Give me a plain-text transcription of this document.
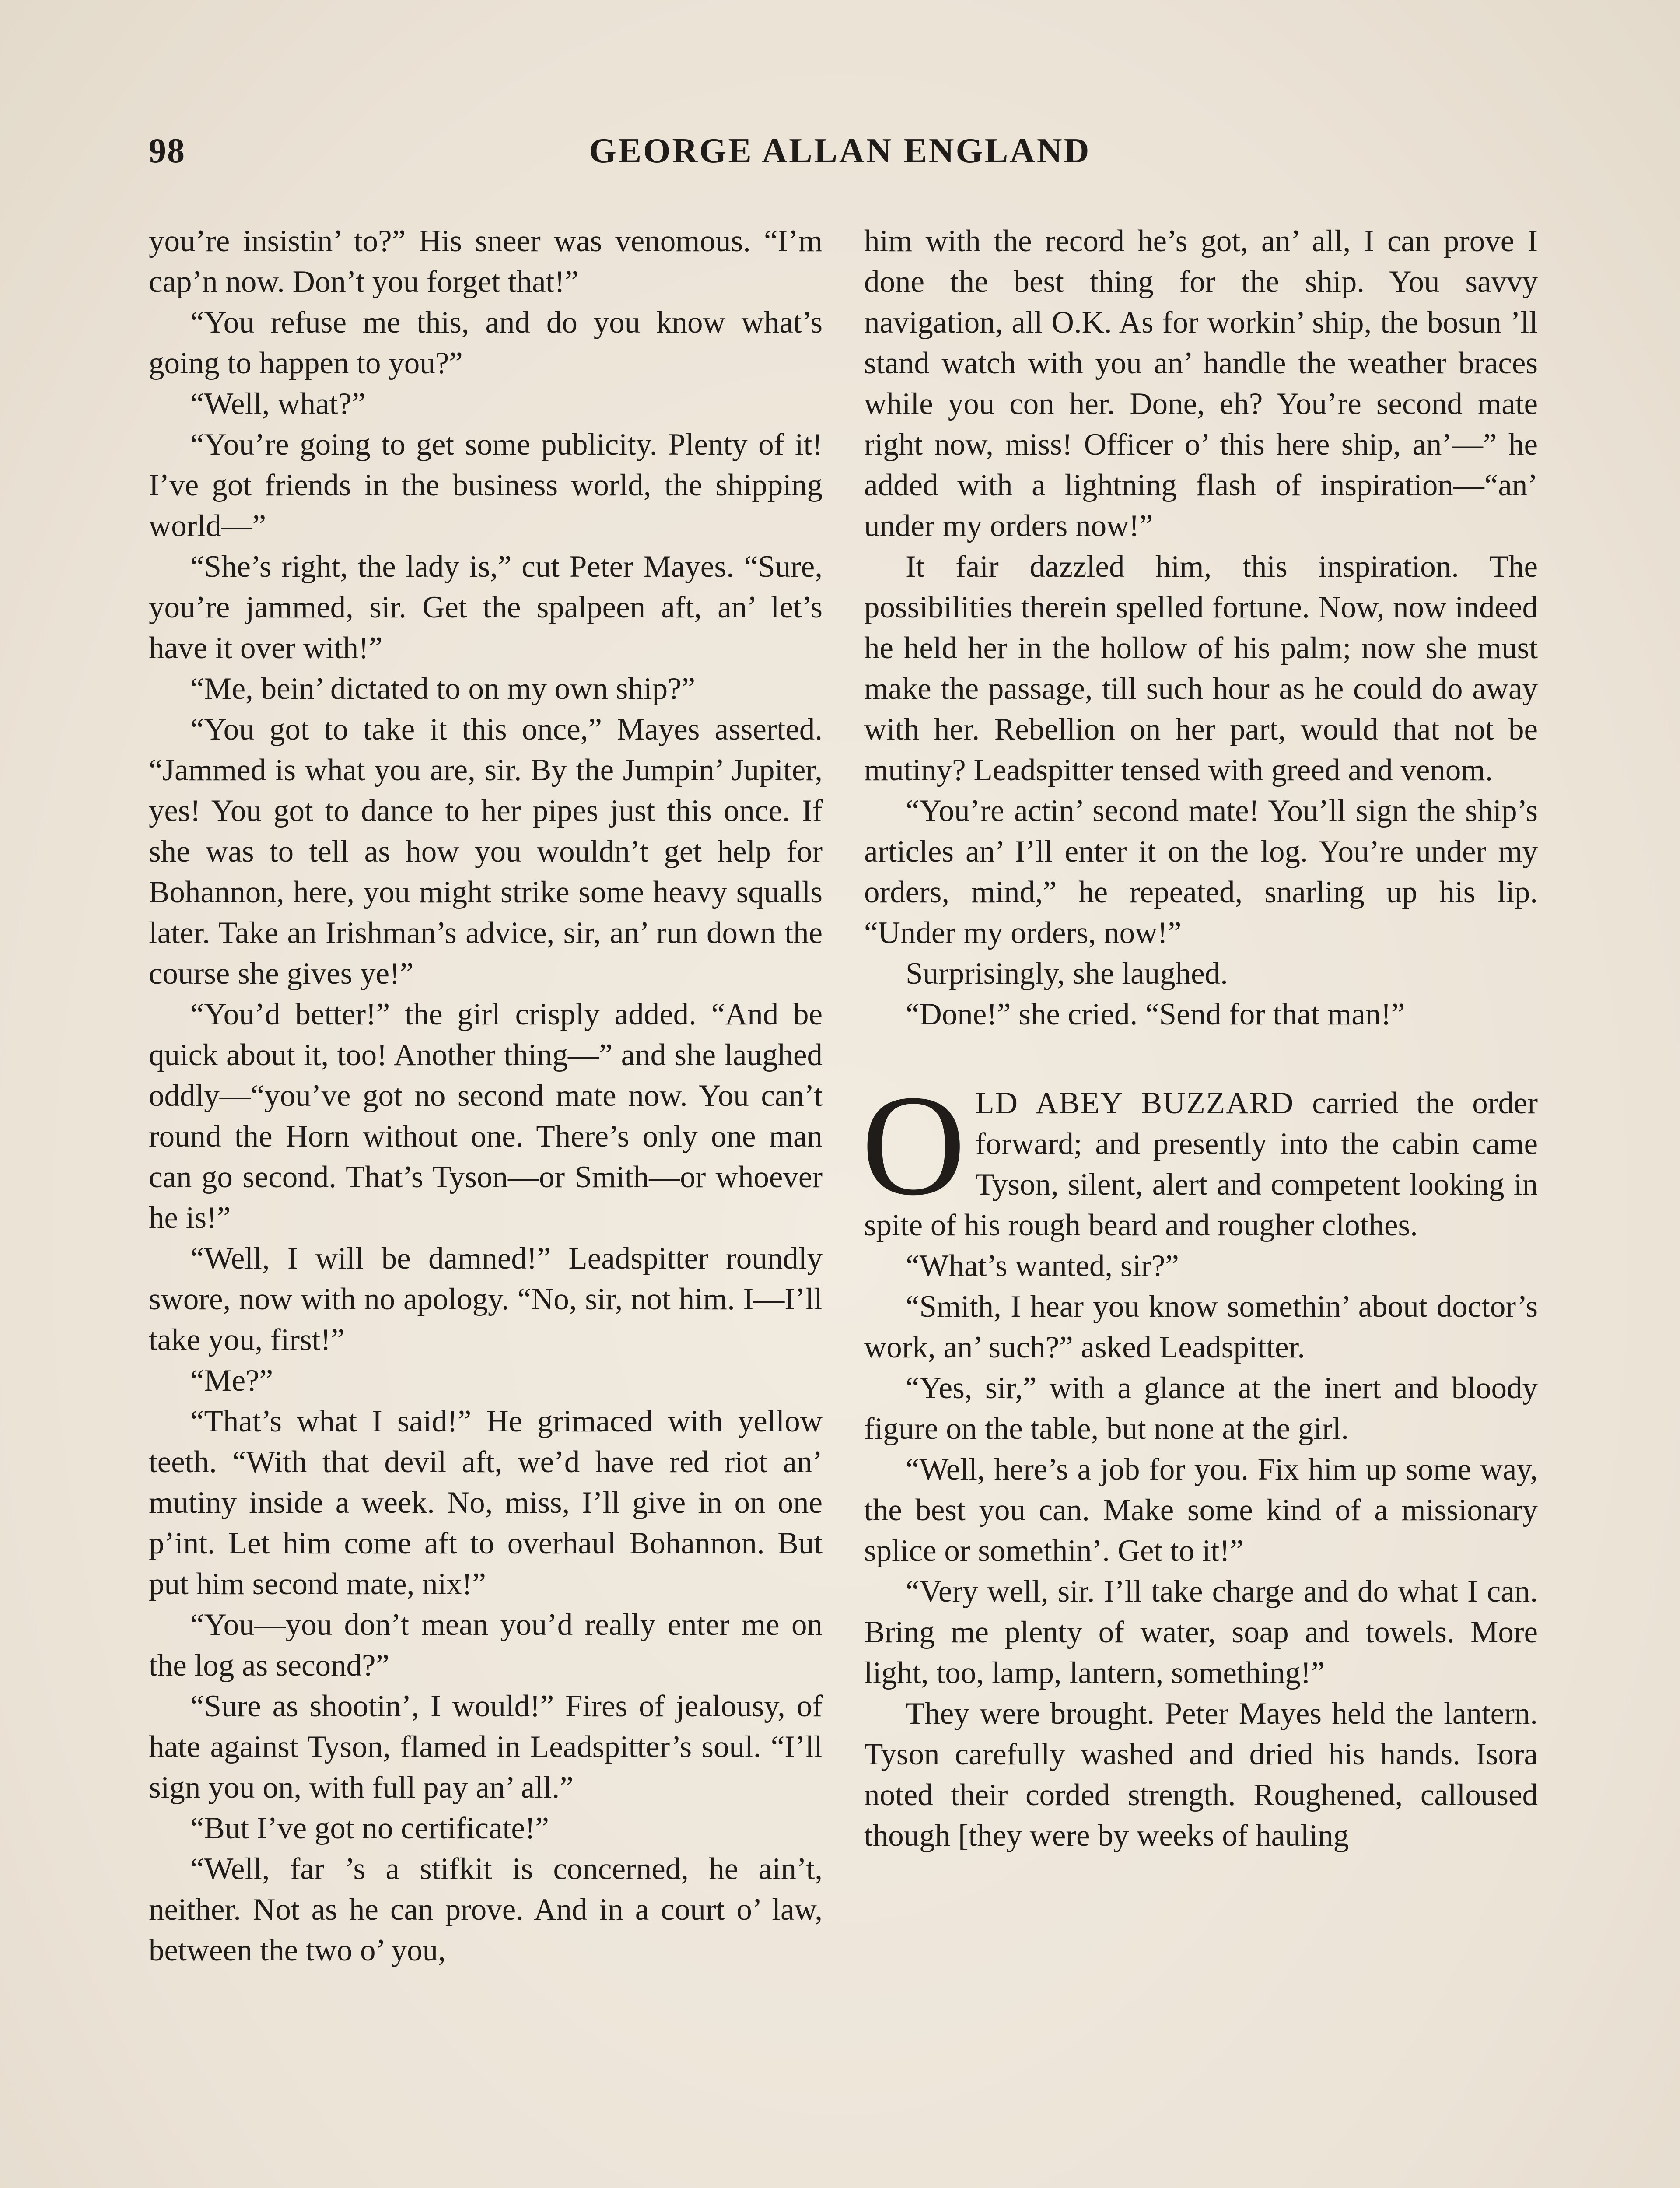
98	GEORGE ALLAN ENGLAND

you’re insistin’ to?” His sneer was venomous. “I’m cap’n now. Don’t you forget that!”

“You refuse me this, and do you know what’s going to happen to you?”

“Well, what?”

“You’re going to get some publicity. Plenty of it! I’ve got friends in the business world, the shipping world—”

“She’s right, the lady is,” cut Peter Mayes. “Sure, you’re jammed, sir. Get the spalpeen aft, an’ let’s have it over with!”

“Me, bein’ dictated to on my own ship?”

“You got to take it this once,” Mayes asserted. “Jammed is what you are, sir. By the Jumpin’ Jupiter, yes! You got to dance to her pipes just this once. If she was to tell as how you wouldn’t get help for Bohannon, here, you might strike some heavy squalls later. Take an Irishman’s advice, sir, an’ run down the course she gives ye!”

“You’d better!” the girl crisply added. “And be quick about it, too! Another thing—” and she laughed oddly—“you’ve got no second mate now. You can’t round the Horn without one. There’s only one man can go second. That’s Tyson—or Smith—or whoever he is!”

“Well, I will be damned!” Leadspitter roundly swore, now with no apology. “No, sir, not him. I—I’ll take you, first!”

“Me?”

“That’s what I said!” He grimaced with yellow teeth. “With that devil aft, we’d have red riot an’ mutiny inside a week. No, miss, I’ll give in on one p’int. Let him come aft to overhaul Bohannon. But put him second mate, nix!”

“You—you don’t mean you’d really enter me on the log as second?”

“Sure as shootin’, I would!” Fires of jealousy, of hate against Tyson, flamed in Leadspitter’s soul. “I’ll sign you on, with full pay an’ all.”

“But I’ve got no certificate!”

“Well, far ’s a stifkit is concerned, he ain’t, neither. Not as he can prove. And in a court o’ law, between the two o’ you,

him with the record he’s got, an’ all, I can prove I done the best thing for the ship. You savvy navigation, all O.K. As for workin’ ship, the bosun ’ll stand watch with you an’ handle the weather braces while you con her. Done, eh? You’re second mate right now, miss! Officer o’ this here ship, an’—” he added with a lightning flash of inspiration—“an’ under my orders now!”

It fair dazzled him, this inspiration. The possibilities therein spelled fortune. Now, now indeed he held her in the hollow of his palm; now she must make the passage, till such hour as he could do away with her. Rebellion on her part, would that not be mutiny? Leadspitter tensed with greed and venom.

“You’re actin’ second mate! You’ll sign the ship’s articles an’ I’ll enter it on the log. You’re under my orders, mind,” he repeated, snarling up his lip. “Under my orders, now!”

Surprisingly, she laughed.

“Done!” she cried. “Send for that man!”

OLD ABEY BUZZARD carried the order forward; and presently into the cabin came Tyson, silent, alert and competent looking in spite of his rough beard and rougher clothes.

“What’s wanted, sir?”

“Smith, I hear you know somethin’ about doctor’s work, an’ such?” asked Leadspitter.

“Yes, sir,” with a glance at the inert and bloody figure on the table, but none at the girl.

“Well, here’s a job for you. Fix him up some way, the best you can. Make some kind of a missionary splice or somethin’. Get to it!”

“Very well, sir. I’ll take charge and do what I can. Bring me plenty of water, soap and towels. More light, too, lamp, lantern, something!”

They were brought. Peter Mayes held the lantern. Tyson carefully washed and dried his hands. Isora noted their corded strength. Roughened, calloused though [they were by weeks of hauling
